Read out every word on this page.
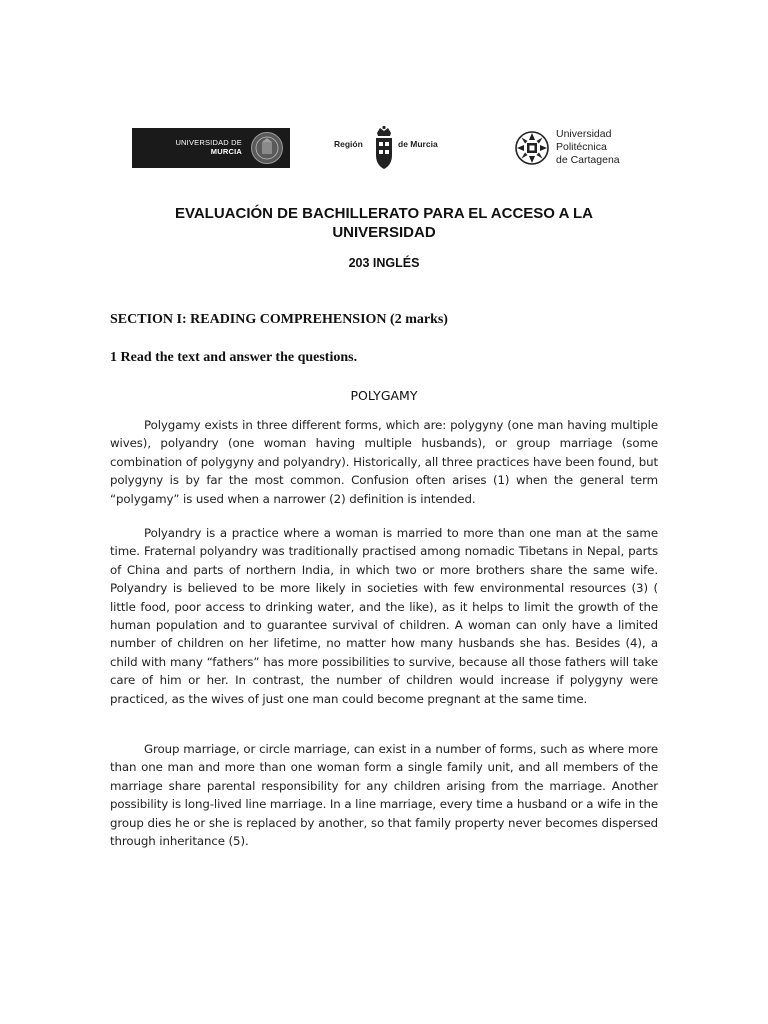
UNIVERSIDAD DE
MURCIA
Región	de Murcia
Universidad
Politécnica
de Cartagena
EVALUACIÓN DE BACHILLERATO PARA EL ACCESO A LA
UNIVERSIDAD
203 INGLÉS
SECTION I: READING COMPREHENSION (2 marks)
1 Read the text and answer the questions.
POLYGAMY

Polygamy exists in three different forms, which are: polygyny (one man having multiple wives), polyandry (one woman having multiple husbands), or group marriage (some combination of polygyny and polyandry). Historically, all three practices have been found, but polygyny is by far the most common. Confusion often arises (1) when the general term “polygamy” is used when a narrower (2) definition is intended.

Polyandry is a practice where a woman is married to more than one man at the same time. Fraternal polyandry was traditionally practised among nomadic Tibetans in Nepal, parts of China and parts of northern India, in which two or more brothers share the same wife. Polyandry is believed to be more likely in societies with few environmental resources (3) ( little food, poor access to drinking water, and the like), as it helps to limit the growth of the human population and to guarantee survival of children. A woman can only have a limited number of children on her lifetime, no matter how many husbands she has. Besides (4), a child with many “fathers” has more possibilities to survive, because all those fathers will take care of him or her. In contrast, the number of children would increase if polygyny were practiced, as the wives of just one man could become pregnant at the same time.

Group marriage, or circle marriage, can exist in a number of forms, such as where more than one man and more than one woman form a single family unit, and all members of the marriage share parental responsibility for any children arising from the marriage. Another possibility is long-lived line marriage. In a line marriage, every time a husband or a wife in the group dies he or she is replaced by another, so that family property never becomes dispersed through inheritance (5).
